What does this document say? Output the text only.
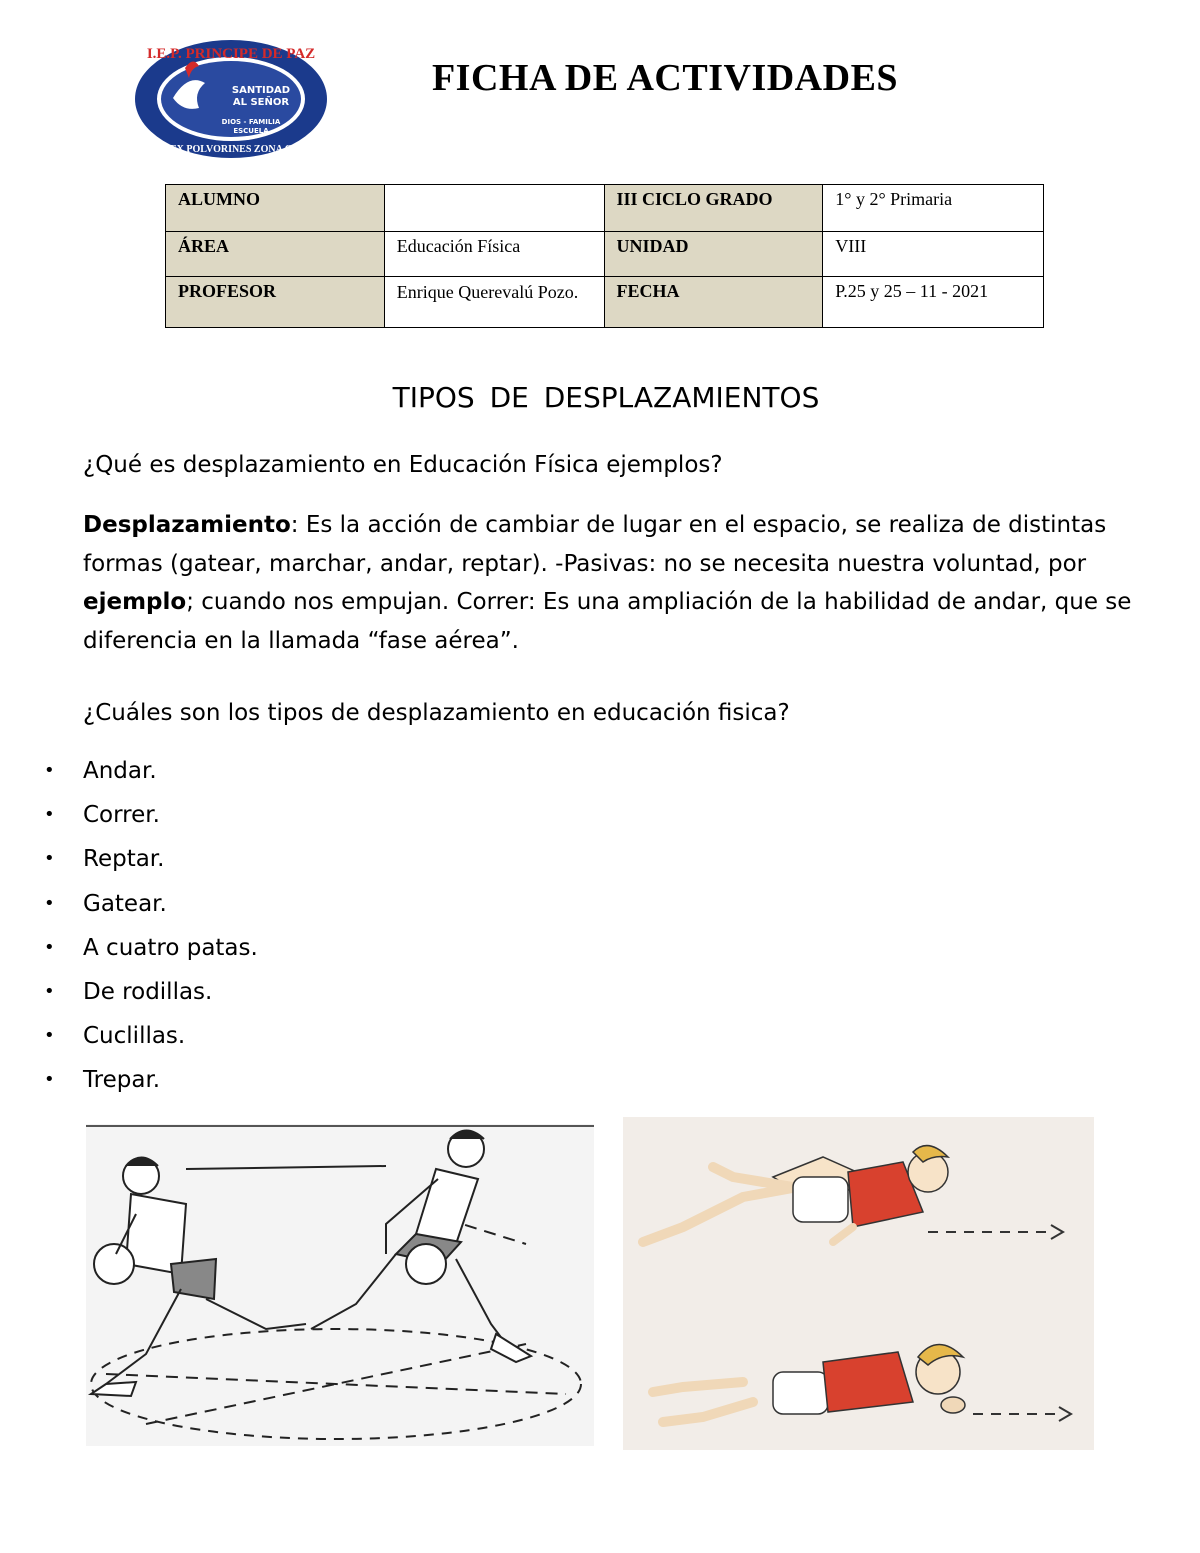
I.E.P. PRINCIPE DE PAZ
EX POLVORINES ZONA C
SANTIDAD
AL SEÑOR
DIOS - FAMILIA
ESCUELA
FICHA DE ACTIVIDADES
ALUMNO		III CICLO GRADO	1° y 2° Primaria
ÁREA	Educación Física	UNIDAD	VIII
PROFESOR	Enrique Querevalú Pozo.	FECHA	P.25 y 25 – 11 - 2021
TIPOS DE DESPLAZAMIENTOS
¿Qué es desplazamiento en Educación Física ejemplos?
Desplazamiento: Es la acción de cambiar de lugar en el espacio, se realiza de distintas formas (gatear, marchar, andar, reptar). -Pasivas: no se necesita nuestra voluntad, por ejemplo; cuando nos empujan. Correr: Es una ampliación de la habilidad de andar, que se diferencia en la llamada “fase aérea”.
¿Cuáles son los tipos de desplazamiento en educación fisica?
• Andar.
• Correr.
• Reptar.
• Gatear.
• A cuatro patas.
• De rodillas.
• Cuclillas.
• Trepar.
